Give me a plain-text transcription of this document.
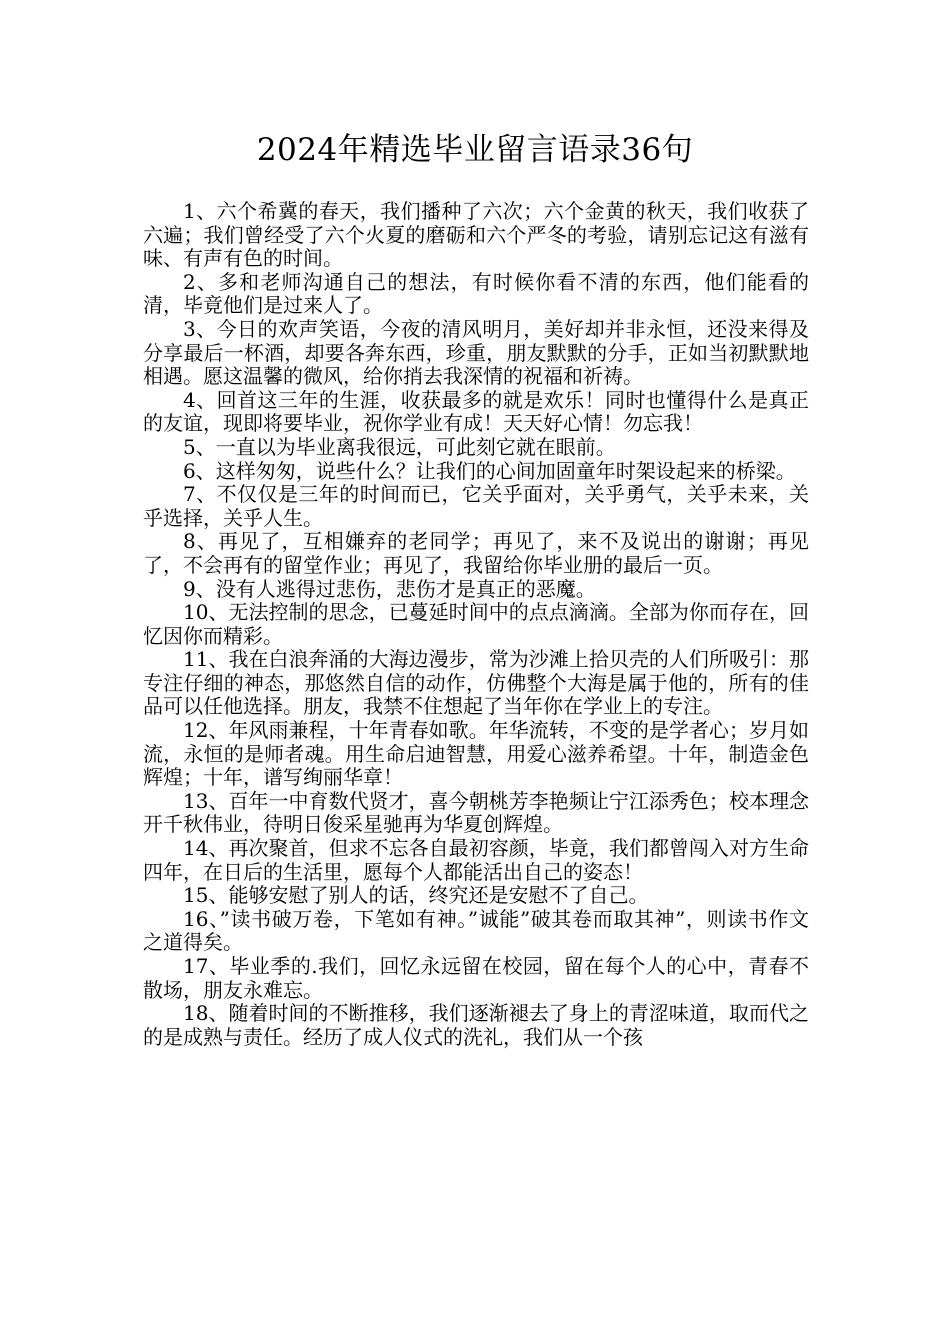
2024年精选毕业留言语录36句

1、六个希冀的春天，我们播种了六次；六个金黄的秋天，我们收获了六遍；我们曾经受了六个火夏的磨砺和六个严冬的考验，请别忘记这有滋有味、有声有色的时间。

2、多和老师沟通自己的想法，有时候你看不清的东西，他们能看的清，毕竟他们是过来人了。

3、今日的欢声笑语，今夜的清风明月，美好却并非永恒，还没来得及分享最后一杯酒，却要各奔东西，珍重，朋友默默的分手，正如当初默默地相遇。愿这温馨的微风，给你捎去我深情的祝福和祈祷。

4、回首这三年的生涯，收获最多的就是欢乐！同时也懂得什么是真正的友谊，现即将要毕业，祝你学业有成！天天好心情！勿忘我！

5、一直以为毕业离我很远，可此刻它就在眼前。

6、这样匆匆，说些什么？让我们的心间加固童年时架设起来的桥梁。

7、不仅仅是三年的时间而已，它关乎面对，关乎勇气，关乎未来，关乎选择，关乎人生。

8、再见了，互相嫌弃的老同学；再见了，来不及说出的谢谢；再见了，不会再有的留堂作业；再见了，我留给你毕业册的最后一页。

9、没有人逃得过悲伤，悲伤才是真正的恶魔。

10、无法控制的思念，已蔓延时间中的点点滴滴。全部为你而存在，回忆因你而精彩。

11、我在白浪奔涌的大海边漫步，常为沙滩上拾贝壳的人们所吸引：那专注仔细的神态，那悠然自信的动作，仿佛整个大海是属于他的，所有的佳品可以任他选择。朋友，我禁不住想起了当年你在学业上的专注。

12、年风雨兼程，十年青春如歌。年华流转，不变的是学者心；岁月如流，永恒的是师者魂。用生命启迪智慧，用爱心滋养希望。十年，制造金色辉煌；十年，谱写绚丽华章！

13、百年一中育数代贤才，喜今朝桃芳李艳频让宁江添秀色；校本理念开千秋伟业，待明日俊采星驰再为华夏创辉煌。

14、再次聚首，但求不忘各自最初容颜，毕竟，我们都曾闯入对方生命四年，在日后的生活里，愿每个人都能活出自己的姿态！

15、能够安慰了别人的话，终究还是安慰不了自己。

16、”读书破万卷，下笔如有神。”诚能”破其卷而取其神”，则读书作文之道得矣。

17、毕业季的.我们，回忆永远留在校园，留在每个人的心中，青春不散场，朋友永难忘。

18、随着时间的不断推移，我们逐渐褪去了身上的青涩味道，取而代之的是成熟与责任。经历了成人仪式的洗礼，我们从一个孩
